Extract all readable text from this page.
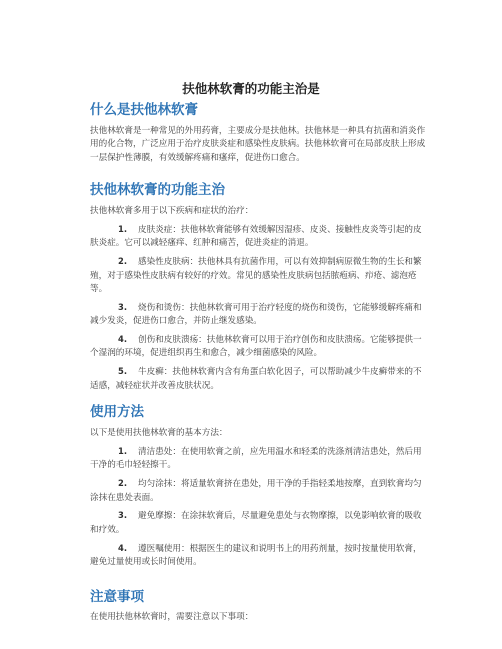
扶他林软膏的功能主治是
什么是扶他林软膏

扶他林软膏是一种常见的外用药膏，主要成分是扶他林。扶他林是一种具有抗菌和消炎作用的化合物，广泛应用于治疗皮肤炎症和感染性皮肤病。扶他林软膏可在局部皮肤上形成一层保护性薄膜，有效缓解疼痛和瘙痒，促进伤口愈合。

扶他林软膏的功能主治

扶他林软膏多用于以下疾病和症状的治疗：

1. 皮肤炎症：扶他林软膏能够有效缓解因湿疹、皮炎、接触性皮炎等引起的皮肤炎症。它可以减轻瘙痒、红肿和痛苦，促进炎症的消退。
2. 感染性皮肤病：扶他林具有抗菌作用，可以有效抑制病原微生物的生长和繁殖，对于感染性皮肤病有较好的疗效。常见的感染性皮肤病包括脓疱病、疖疮、滤泡疮等。
3. 烧伤和烫伤：扶他林软膏可用于治疗轻度的烧伤和烫伤，它能够缓解疼痛和减少发炎，促进伤口愈合，并防止继发感染。
4. 创伤和皮肤溃疡：扶他林软膏可以用于治疗创伤和皮肤溃疡。它能够提供一个湿润的环境，促进组织再生和愈合，减少细菌感染的风险。
5. 牛皮癣：扶他林软膏内含有角蛋白软化因子，可以帮助减少牛皮癣带来的不适感，减轻症状并改善皮肤状况。
使用方法

以下是使用扶他林软膏的基本方法：

1. 清洁患处：在使用软膏之前，应先用温水和轻柔的洗涤剂清洁患处，然后用干净的毛巾轻轻擦干。
2. 均匀涂抹：将适量软膏挤在患处，用干净的手指轻柔地按摩，直到软膏均匀涂抹在患处表面。
3. 避免摩擦：在涂抹软膏后，尽量避免患处与衣物摩擦，以免影响软膏的吸收和疗效。
4. 遵医嘱使用：根据医生的建议和说明书上的用药剂量，按时按量使用软膏，避免过量使用或长时间使用。
注意事项

在使用扶他林软膏时，需要注意以下事项：
